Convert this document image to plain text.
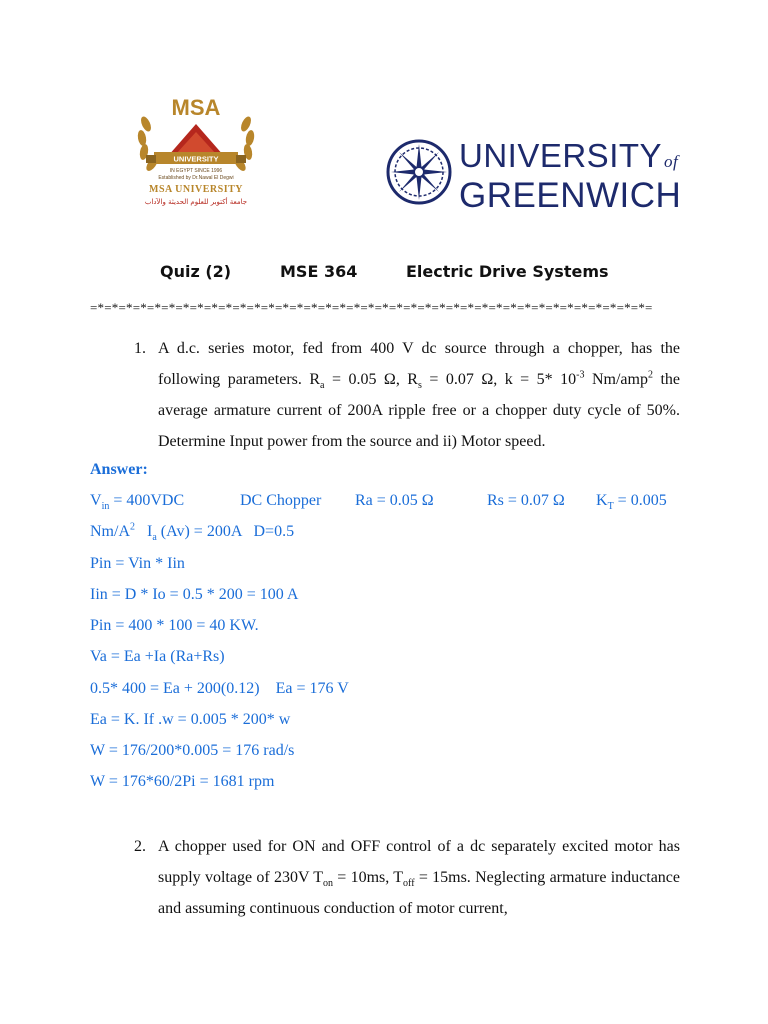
MSA
UNIVERSITY
IN EGYPT SINCE 1996
Established by Dr.Nawal El Degwi
MSA UNIVERSITY
جامعة أكتوبر للعلوم الحديثة والآداب
UNIVERSITY of
GREENWICH
Quiz (2)	MSE 364	Electric Drive Systems
=*=*=*=*=*=*=*=*=*=*=*=*=*=*=*=*=*=*=*=*=*=*=*=*=*=*=*=*=*=*=*=*=*=*=*=*=*=*=*=
1. A d.c. series motor, fed from 400 V dc source through a chopper, has the following parameters. $R_a = 0.05$ Ω, $R_s = 0.07$ Ω, k = 5* $10^{-3}$ Nm/amp$^2$ the average armature current of 200A ripple free or a chopper duty cycle of 50%. Determine Input power from the source and ii) Motor speed.
Answer:
$V_{in} = 400VDC$	DC Chopper Ra = 0.05 Ω	Rs = 0.07 Ω $K_T = 0.005$
$Nm/A^2$ $I_a$ (Av) = 200A D=0.5
Pin = Vin * Iin
Iin = D * Io = 0.5 * 200 = 100 A
Pin = 400 * 100 = 40 KW.
Va = Ea +Ia (Ra+Rs)
0.5* 400 = Ea + 200(0.12) Ea = 176 V
Ea = K. If .w = 0.005 * 200* w
W = 176/200*0.005 = 176 rad/s
W = 176*60/2Pi = 1681 rpm
2. A chopper used for ON and OFF control of a dc separately excited motor has supply voltage of 230V $T_{on} = 10ms$, $T_{off} = 15ms$. Neglecting armature inductance and assuming continuous conduction of motor current,
